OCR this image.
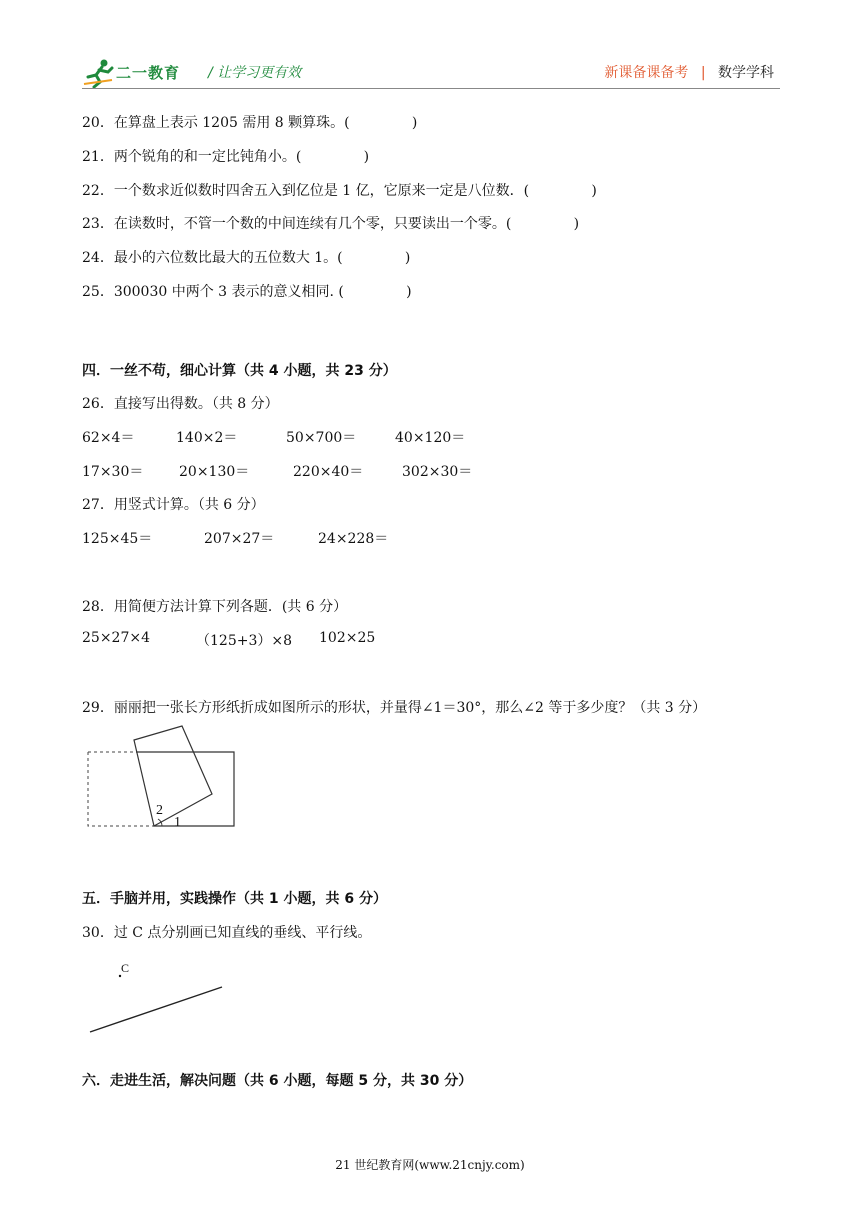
二一教育 / 让学习更有效	新课备课备考 | 数学学科
20．在算盘上表示 1205 需用 8 颗算珠。(              )
21．两个锐角的和一定比钝角小。(              )
22．一个数求近似数时四舍五入到亿位是 1 亿，它原来一定是八位数．(              )
23．在读数时，不管一个数的中间连续有几个零，只要读出一个零。(              )
24．最小的六位数比最大的五位数大 1。(              )
25．300030 中两个 3 表示的意义相同. (              )
四．一丝不苟，细心计算（共 4 小题，共 23 分）
26．直接写出得数。（共 8 分）
62×4＝	140×2＝	50×700＝	40×120＝
17×30＝	20×130＝	220×40＝	302×30＝
27．用竖式计算。（共 6 分）
125×45＝	207×27＝	24×228＝
28．用简便方法计算下列各题．(共 6 分）
25×27×4	（125+3）×8 102×25
29．丽丽把一张长方形纸折成如图所示的形状，并量得∠1＝30°，那么∠2 等于多少度？（共 3 分）
2
1
五．手脑并用，实践操作（共 1 小题，共 6 分）
30．过 C 点分别画已知直线的垂线、平行线。
C
六．走进生活，解决问题（共 6 小题，每题 5 分，共 30 分）
21 世纪教育网(www.21cnjy.com)
